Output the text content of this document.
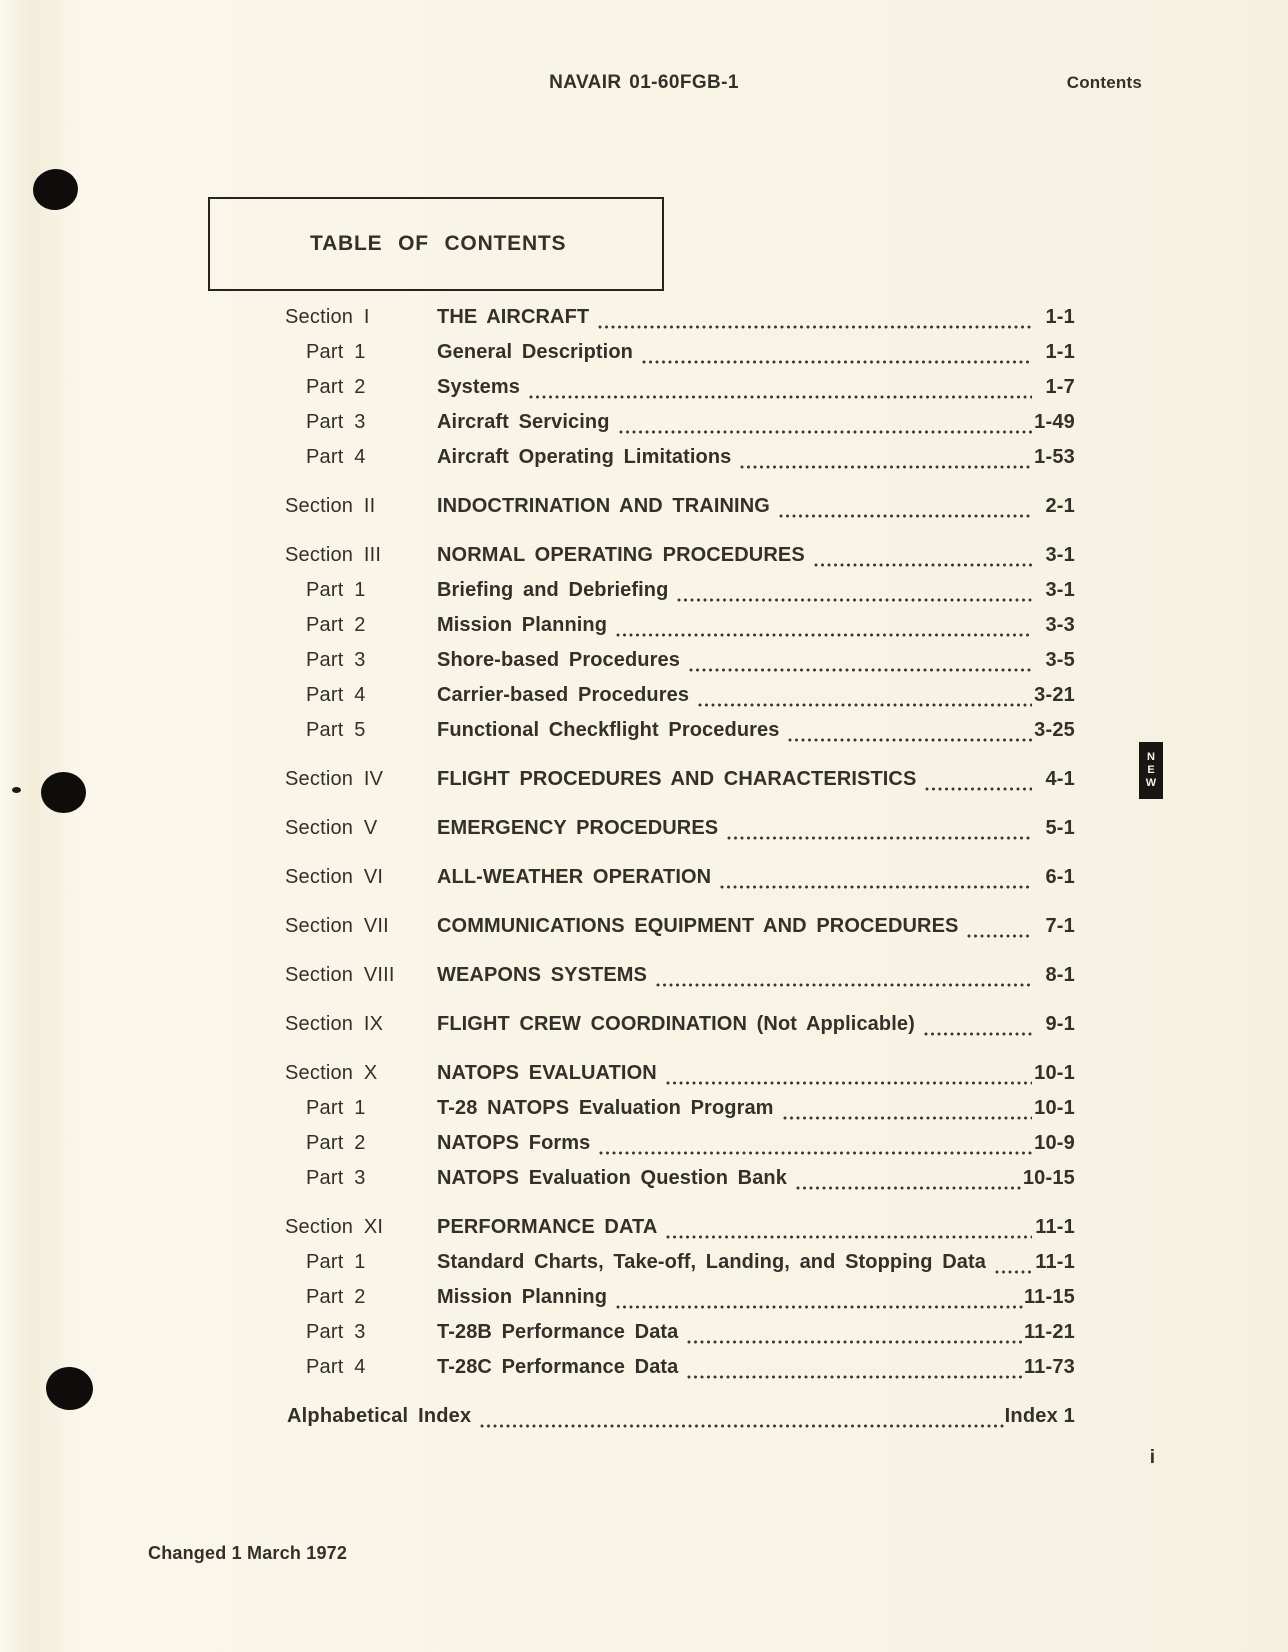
NAVAIR 01-60FGB-1	Contents
TABLE OF CONTENTS
Section I	THE AIRCRAFT	1-1
Part 1	General Description	1-1
Part 2	Systems	1-7
Part 3	Aircraft Servicing	1-49
Part 4	Aircraft Operating Limitations	1-53
Section II	INDOCTRINATION AND TRAINING	2-1
Section III	NORMAL OPERATING PROCEDURES	3-1
Part 1	Briefing and Debriefing	3-1
Part 2	Mission Planning	3-3
Part 3	Shore-based Procedures	3-5
Part 4	Carrier-based Procedures	3-21
Part 5	Functional Checkflight Procedures	3-25
N
E
W
Section IV	FLIGHT PROCEDURES AND CHARACTERISTICS	4-1
Section V	EMERGENCY PROCEDURES	5-1
Section VI	ALL-WEATHER OPERATION	6-1
Section VII	COMMUNICATIONS EQUIPMENT AND PROCEDURES	7-1
Section VIII	WEAPONS SYSTEMS	8-1
Section IX	FLIGHT CREW COORDINATION (Not Applicable)	9-1
Section X	NATOPS EVALUATION	10-1
Part 1	T-28 NATOPS Evaluation Program	10-1
Part 2	NATOPS Forms	10-9
Part 3	NATOPS Evaluation Question Bank	10-15
Section XI	PERFORMANCE DATA	11-1
Part 1	Standard Charts, Take-off, Landing, and Stopping Data 11-1
Part 2	Mission Planning	11-15
Part 3	T-28B Performance Data	11-21
Part 4	T-28C Performance Data	11-73
Alphabetical Index	Index 1
Changed 1 March 1972
i
